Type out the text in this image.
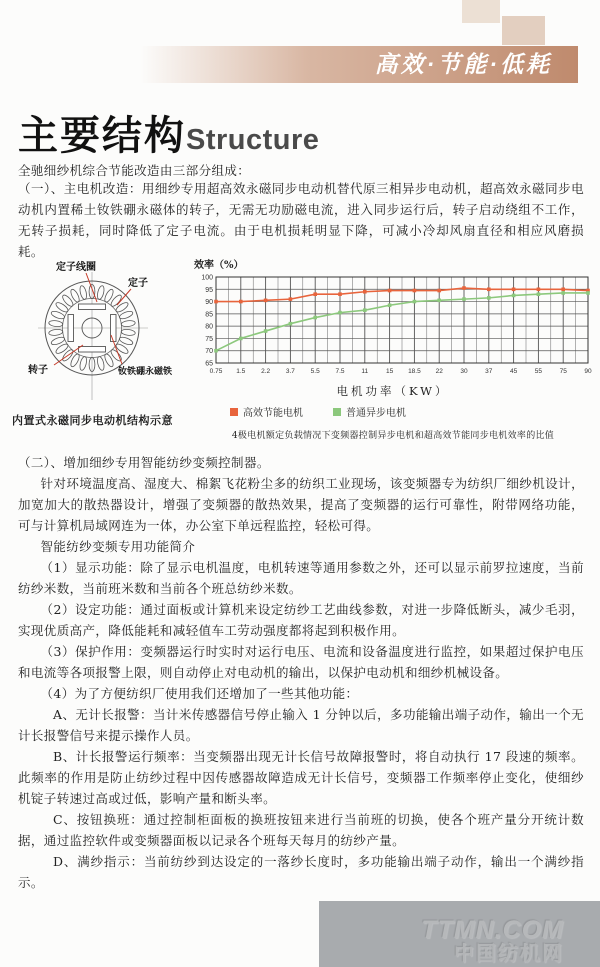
高效·节能·低耗
主要结构 Structure
全驰细纱机综合节能改造由三部分组成：

（一）、主电机改造：用细纱专用超高效永磁同步电动机替代原三相异步电动机，超高效永磁同步电动机内置稀土钕铁硼永磁体的转子，无需无功励磁电流，进入同步运行后，转子启动绕组不工作，无转子损耗，同时降低了定子电流。由于电机损耗明显下降，可减小冷却风扇直径和相应风磨损耗。

定子线圈
定子
转子	钕铁硼永磁铁
内置式永磁同步电动机结构示意
效率（%）
100
95
90
85
80
75
70
65
0.75 1.5 2.2 3.7 5.5 7.5	11	15 18.5 22	30	37	45	55	75	90
电机功率（KW）
高效节能电机	普通异步电机
4极电机额定负载情况下变频器控制异步电机和超高效节能同步电机效率的比值

（二）、增加细纱专用智能纺纱变频控制器。

针对环境温度高、湿度大、棉絮飞花粉尘多的纺织工业现场，该变频器专为纺织厂细纱机设计，加宽加大的散热器设计，增强了变频器的散热效果，提高了变频器的运行可靠性，附带网络功能，可与计算机局域网连为一体，办公室下单远程监控，轻松可得。

智能纺纱变频专用功能简介

（1）显示功能：除了显示电机温度，电机转速等通用参数之外，还可以显示前罗拉速度，当前纺纱米数，当前班米数和当前各个班总纺纱米数。

（2）设定功能：通过面板或计算机来设定纺纱工艺曲线参数，对进一步降低断头，减少毛羽，实现优质高产，降低能耗和减轻值车工劳动强度都将起到积极作用。

（3）保护作用：变频器运行时实时对运行电压、电流和设备温度进行监控，如果超过保护电压和电流等各项报警上限，则自动停止对电动机的输出，以保护电动机和细纱机械设备。

（4）为了方便纺织厂使用我们还增加了一些其他功能：

A、无计长报警：当计米传感器信号停止输入 1 分钟以后，多功能输出端子动作，输出一个无计长报警信号来提示操作人员。

B、计长报警运行频率：当变频器出现无计长信号故障报警时，将自动执行 17 段速的频率。此频率的作用是防止纺纱过程中因传感器故障造成无计长信号，变频器工作频率停止变化，使细纱机锭子转速过高或过低，影响产量和断头率。

C、按钮换班：通过控制柜面板的换班按钮来进行当前班的切换，使各个班产量分开统计数据，通过监控软件或变频器面板以记录各个班每天每月的纺纱产量。

D、满纱指示：当前纺纱到达设定的一落纱长度时，多功能输出端子动作，输出一个满纱指示。

TTMN.COM
中国纺机网
